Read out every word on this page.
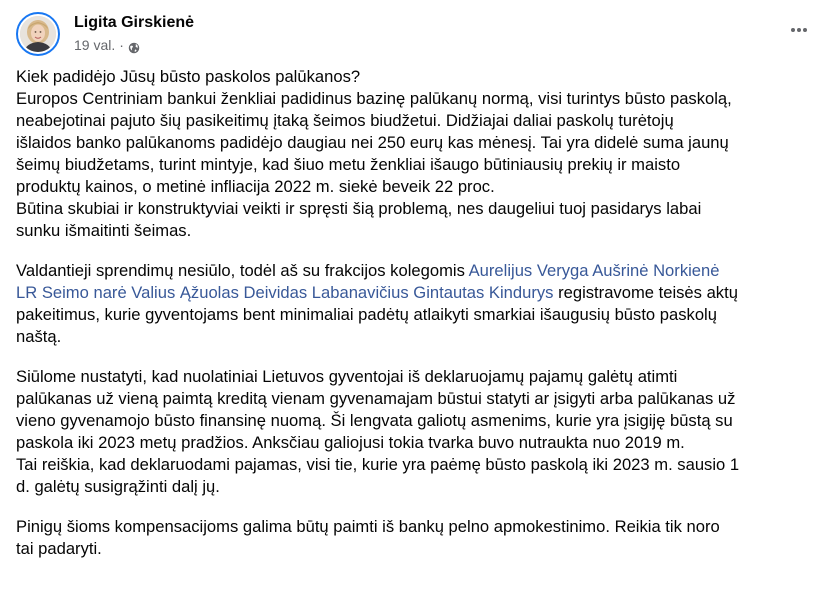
Ligita Girskienė
19 val. ·

Kiek padidėjo Jūsų būsto paskolos palūkanos?
Europos Centriniam bankui ženkliai padidinus bazinę palūkanų normą, visi turintys būsto paskolą,
neabejotinai pajuto šių pasikeitimų įtaką šeimos biudžetui. Didžiajai daliai paskolų turėtojų
išlaidos banko palūkanoms padidėjo daugiau nei 250 eurų kas mėnesį. Tai yra didelė suma jaunų
šeimų biudžetams, turint mintyje, kad šiuo metu ženkliai išaugo būtiniausių prekių ir maisto
produktų kainos, o metinė infliacija 2022 m. siekė beveik 22 proc.
Būtina skubiai ir konstruktyviai veikti ir spręsti šią problemą, nes daugeliui tuoj pasidarys labai
sunku išmaitinti šeimas.

Valdantieji sprendimų nesiūlo, todėl aš su frakcijos kolegomis Aurelijus Veryga Aušrinė Norkienė
LR Seimo narė Valius Ąžuolas Deividas Labanavičius Gintautas Kindurys registravome teisės aktų
pakeitimus, kurie gyventojams bent minimaliai padėtų atlaikyti smarkiai išaugusių būsto paskolų
naštą.

Siūlome nustatyti, kad nuolatiniai Lietuvos gyventojai iš deklaruojamų pajamų galėtų atimti
palūkanas už vieną paimtą kreditą vienam gyvenamajam būstui statyti ar įsigyti arba palūkanas už
vieno gyvenamojo būsto finansinę nuomą. Ši lengvata galiotų asmenims, kurie yra įsigiję būstą su
paskola iki 2023 metų pradžios. Anksčiau galiojusi tokia tvarka buvo nutraukta nuo 2019 m.
Tai reiškia, kad deklaruodami pajamas, visi tie, kurie yra paėmę būsto paskolą iki 2023 m. sausio 1
d. galėtų susigrąžinti dalį jų.

Pinigų šioms kompensacijoms galima būtų paimti iš bankų pelno apmokestinimo. Reikia tik noro
tai padaryti.
